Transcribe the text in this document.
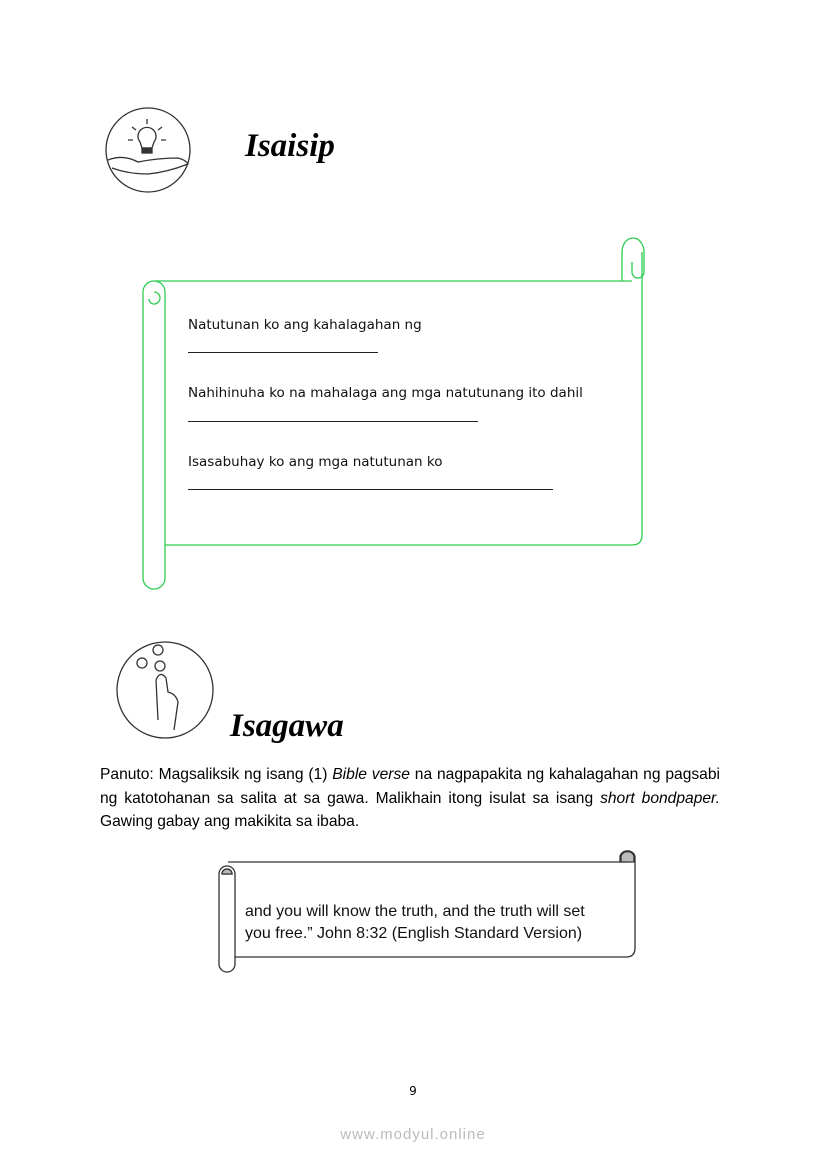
Isaisip
Natutunan ko ang kahalagahan ng
Nahihinuha ko na mahalaga ang mga natutunang ito dahil
Isasabuhay ko ang mga natutunan ko
Isagawa
Panuto: Magsaliksik ng isang (1) Bible verse na nagpapakita ng kahalagahan ng pagsabi ng katotohanan sa salita at sa gawa. Malikhain itong isulat sa isang short bondpaper. Gawing gabay ang makikita sa ibaba.
and you will know the truth, and the truth will set
you free.” John 8:32 (English Standard Version)
9
www.modyul.online
